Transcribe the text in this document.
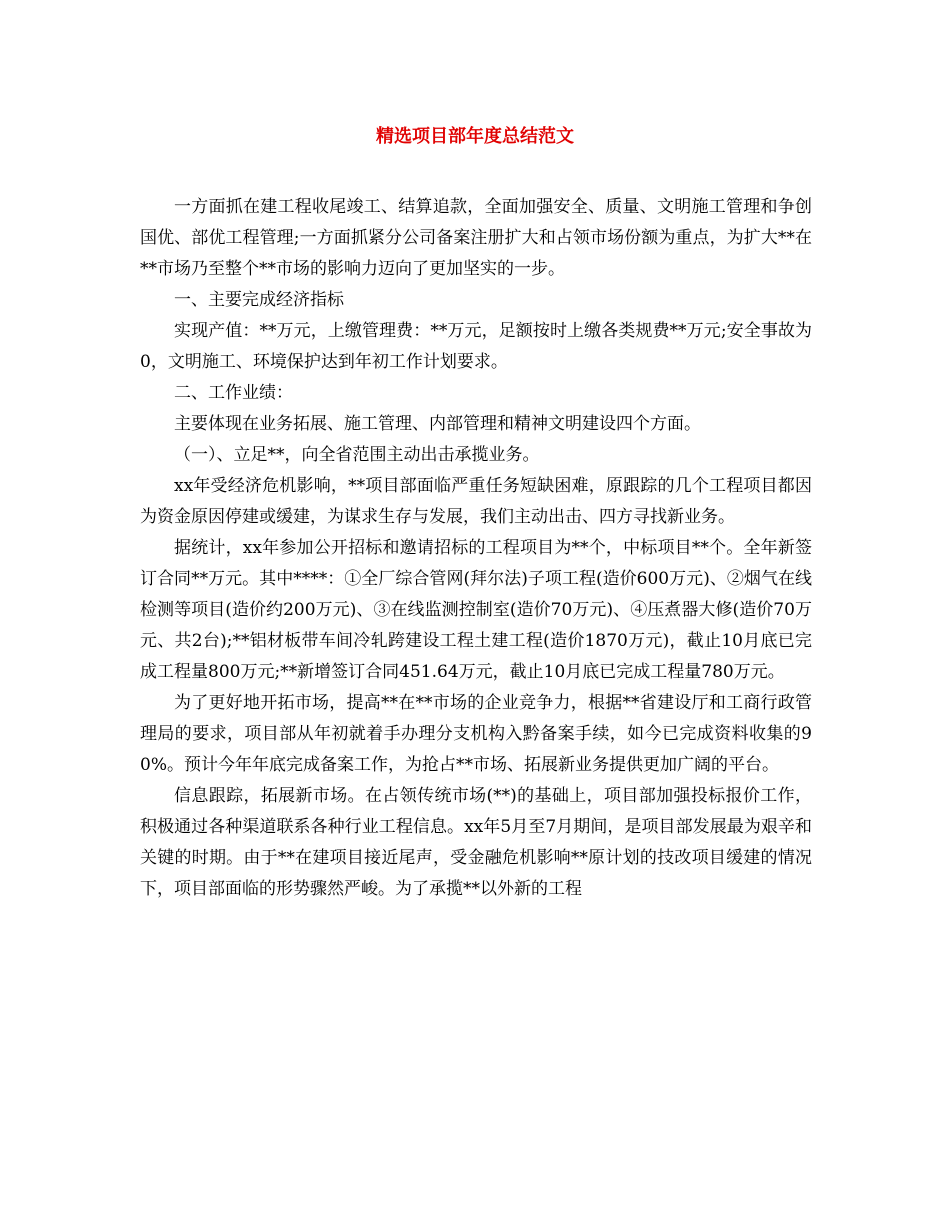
精选项目部年度总结范文

一方面抓在建工程收尾竣工、结算追款，全面加强安全、质量、文明施工管理和争创国优、部优工程管理;一方面抓紧分公司备案注册扩大和占领市场份额为重点，为扩大**在**市场乃至整个**市场的影响力迈向了更加坚实的一步。

一、主要完成经济指标

实现产值：**万元，上缴管理费：**万元，足额按时上缴各类规费**万元;安全事故为0，文明施工、环境保护达到年初工作计划要求。

二、工作业绩：

主要体现在业务拓展、施工管理、内部管理和精神文明建设四个方面。

（一）、立足**，向全省范围主动出击承揽业务。

xx年受经济危机影响，**项目部面临严重任务短缺困难，原跟踪的几个工程项目都因为资金原因停建或缓建，为谋求生存与发展，我们主动出击、四方寻找新业务。

据统计，xx年参加公开招标和邀请招标的工程项目为**个，中标项目**个。全年新签订合同**万元。其中****：①全厂综合管网(拜尔法)子项工程(造价600万元)、②烟气在线检测等项目(造价约200万元)、③在线监测控制室(造价70万元)、④压煮器大修(造价70万元、共2台);**铝材板带车间冷轧跨建设工程土建工程(造价1870万元)，截止10月底已完成工程量800万元;**新增签订合同451.64万元，截止10月底已完成工程量780万元。

为了更好地开拓市场，提高**在**市场的企业竞争力，根据**省建设厅和工商行政管理局的要求，项目部从年初就着手办理分支机构入黔备案手续，如今已完成资料收集的90%。预计今年年底完成备案工作，为抢占**市场、拓展新业务提供更加广阔的平台。

信息跟踪，拓展新市场。在占领传统市场(**)的基础上，项目部加强投标报价工作，积极通过各种渠道联系各种行业工程信息。xx年5月至7月期间，是项目部发展最为艰辛和关键的时期。由于**在建项目接近尾声，受金融危机影响**原计划的技改项目缓建的情况下，项目部面临的形势骤然严峻。为了承揽**以外新的工程
